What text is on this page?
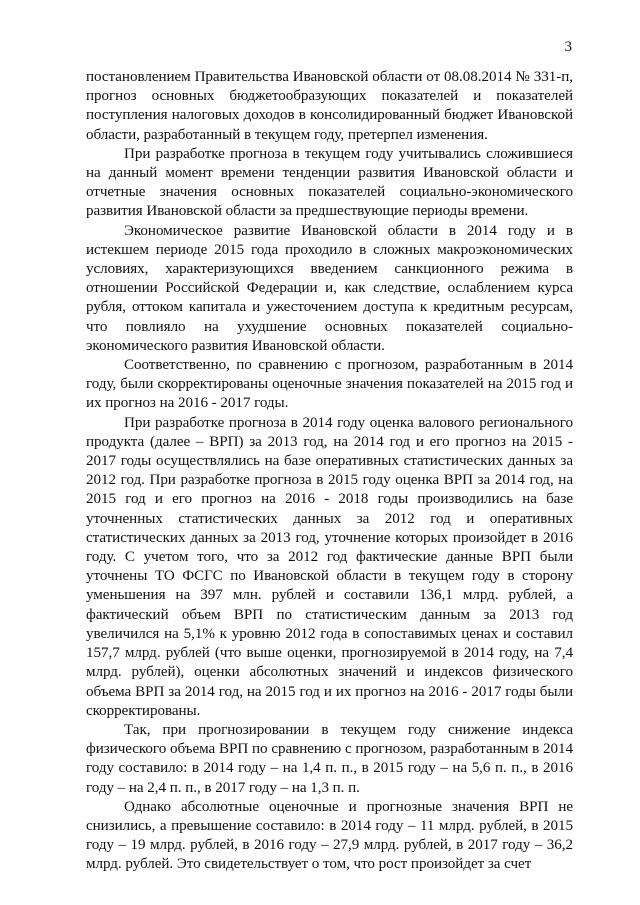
3

постановлением Правительства Ивановской области от 08.08.2014 № 331-п, прогноз основных бюджетообразующих показателей и показателей поступления налоговых доходов в консолидированный бюджет Ивановской области, разработанный в текущем году, претерпел изменения.

При разработке прогноза в текущем году учитывались сложившиеся на данный момент времени тенденции развития Ивановской области и отчетные значения основных показателей социально-экономического развития Ивановской области за предшествующие периоды времени.

Экономическое развитие Ивановской области в 2014 году и в истекшем периоде 2015 года проходило в сложных макроэкономических условиях, характеризующихся введением санкционного режима в отношении Российской Федерации и, как следствие, ослаблением курса рубля, оттоком капитала и ужесточением доступа к кредитным ресурсам, что повлияло на ухудшение основных показателей социально-экономического развития Ивановской области.

Соответственно, по сравнению с прогнозом, разработанным в 2014 году, были скорректированы оценочные значения показателей на 2015 год и их прогноз на 2016 - 2017 годы.

При разработке прогноза в 2014 году оценка валового регионального продукта (далее – ВРП) за 2013 год, на 2014 год и его прогноз на 2015 - 2017 годы осуществлялись на базе оперативных статистических данных за 2012 год. При разработке прогноза в 2015 году оценка ВРП за 2014 год, на 2015 год и его прогноз на 2016 - 2018 годы производились на базе уточненных статистических данных за 2012 год и оперативных статистических данных за 2013 год, уточнение которых произойдет в 2016 году. С учетом того, что за 2012 год фактические данные ВРП были уточнены ТО ФСГС по Ивановской области в текущем году в сторону уменьшения на 397 млн. рублей и составили 136,1 млрд. рублей, а фактический объем ВРП по статистическим данным за 2013 год увеличился на 5,1% к уровню 2012 года в сопоставимых ценах и составил 157,7 млрд. рублей (что выше оценки, прогнозируемой в 2014 году, на 7,4 млрд. рублей), оценки абсолютных значений и индексов физического объема ВРП за 2014 год, на 2015 год и их прогноз на 2016 - 2017 годы были скорректированы.

Так, при прогнозировании в текущем году снижение индекса физического объема ВРП по сравнению с прогнозом, разработанным в 2014 году составило: в 2014 году – на 1,4 п. п., в 2015 году – на 5,6 п. п., в 2016 году – на 2,4 п. п., в 2017 году – на 1,3 п. п.

Однако абсолютные оценочные и прогнозные значения ВРП не снизились, а превышение составило: в 2014 году – 11 млрд. рублей, в 2015 году – 19 млрд. рублей, в 2016 году – 27,9 млрд. рублей, в 2017 году – 36,2 млрд. рублей. Это свидетельствует о том, что рост произойдет за счет
